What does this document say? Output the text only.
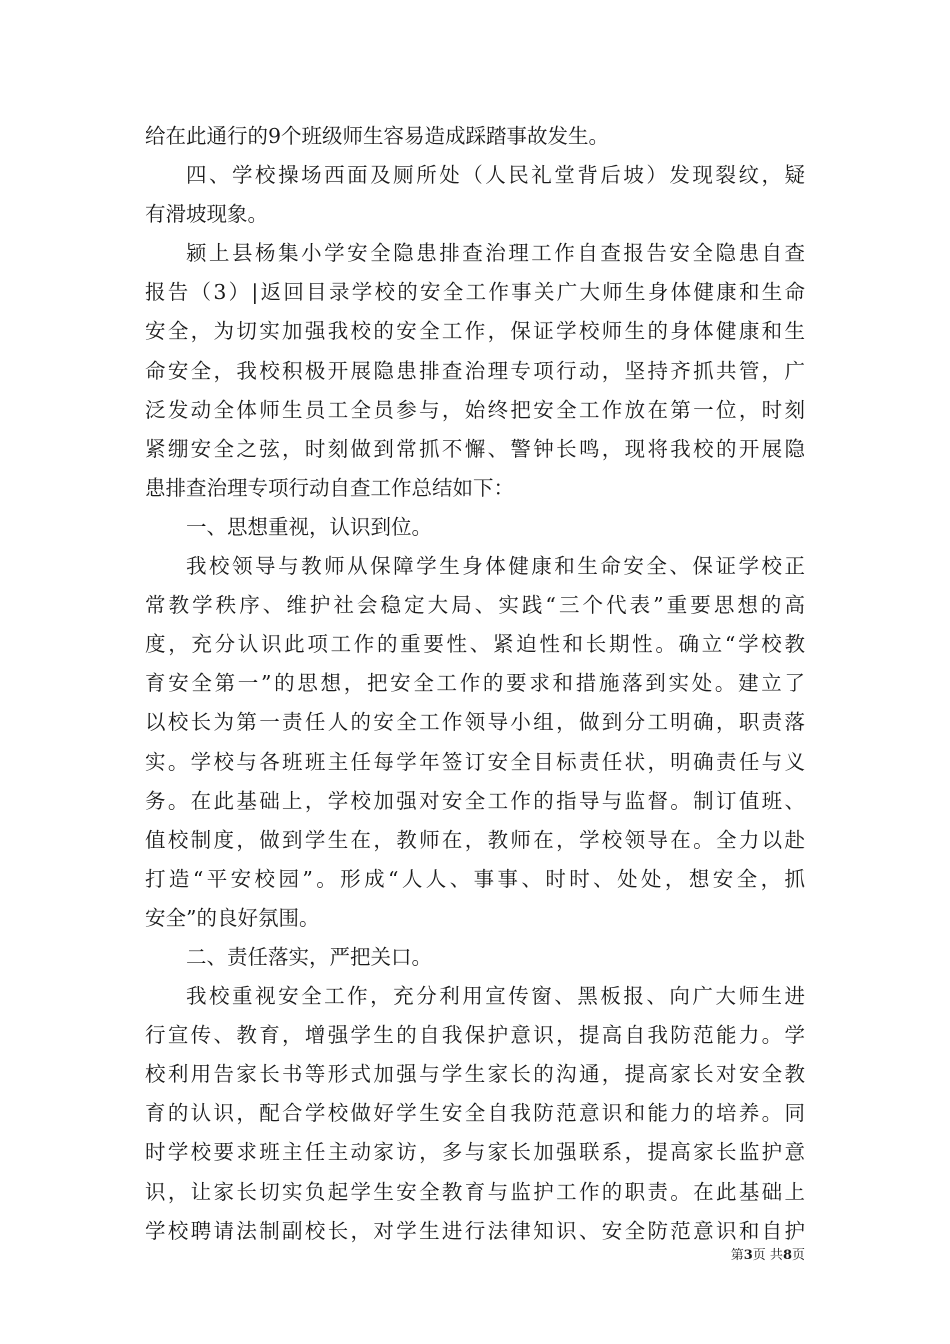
给在此通行的9个班级师生容易造成踩踏事故发生。
四、学校操场西面及厕所处（人民礼堂背后坡）发现裂纹，疑
有滑坡现象。
颍上县杨集小学安全隐患排查治理工作自查报告安全隐患自查
报告（3）|返回目录学校的安全工作事关广大师生身体健康和生命
安全，为切实加强我校的安全工作，保证学校师生的身体健康和生
命安全，我校积极开展隐患排查治理专项行动，坚持齐抓共管，广
泛发动全体师生员工全员参与，始终把安全工作放在第一位，时刻
紧绷安全之弦，时刻做到常抓不懈、警钟长鸣，现将我校的开展隐
患排查治理专项行动自查工作总结如下：
一、思想重视，认识到位。
我校领导与教师从保障学生身体健康和生命安全、保证学校正
常教学秩序、维护社会稳定大局、实践“三个代表”重要思想的高
度，充分认识此项工作的重要性、紧迫性和长期性。确立“学校教
育安全第一”的思想，把安全工作的要求和措施落到实处。建立了
以校长为第一责任人的安全工作领导小组，做到分工明确，职责落
实。学校与各班班主任每学年签订安全目标责任状，明确责任与义
务。在此基础上，学校加强对安全工作的指导与监督。制订值班、
值校制度，做到学生在，教师在，教师在，学校领导在。全力以赴
打造“平安校园”。形成“人人、事事、时时、处处，想安全，抓
安全”的良好氛围。
二、责任落实，严把关口。
我校重视安全工作，充分利用宣传窗、黑板报、向广大师生进
行宣传、教育，增强学生的自我保护意识，提高自我防范能力。学
校利用告家长书等形式加强与学生家长的沟通，提高家长对安全教
育的认识，配合学校做好学生安全自我防范意识和能力的培养。同
时学校要求班主任主动家访，多与家长加强联系，提高家长监护意
识，让家长切实负起学生安全教育与监护工作的职责。在此基础上
学校聘请法制副校长，对学生进行法律知识、安全防范意识和自护
第3页 共8页
